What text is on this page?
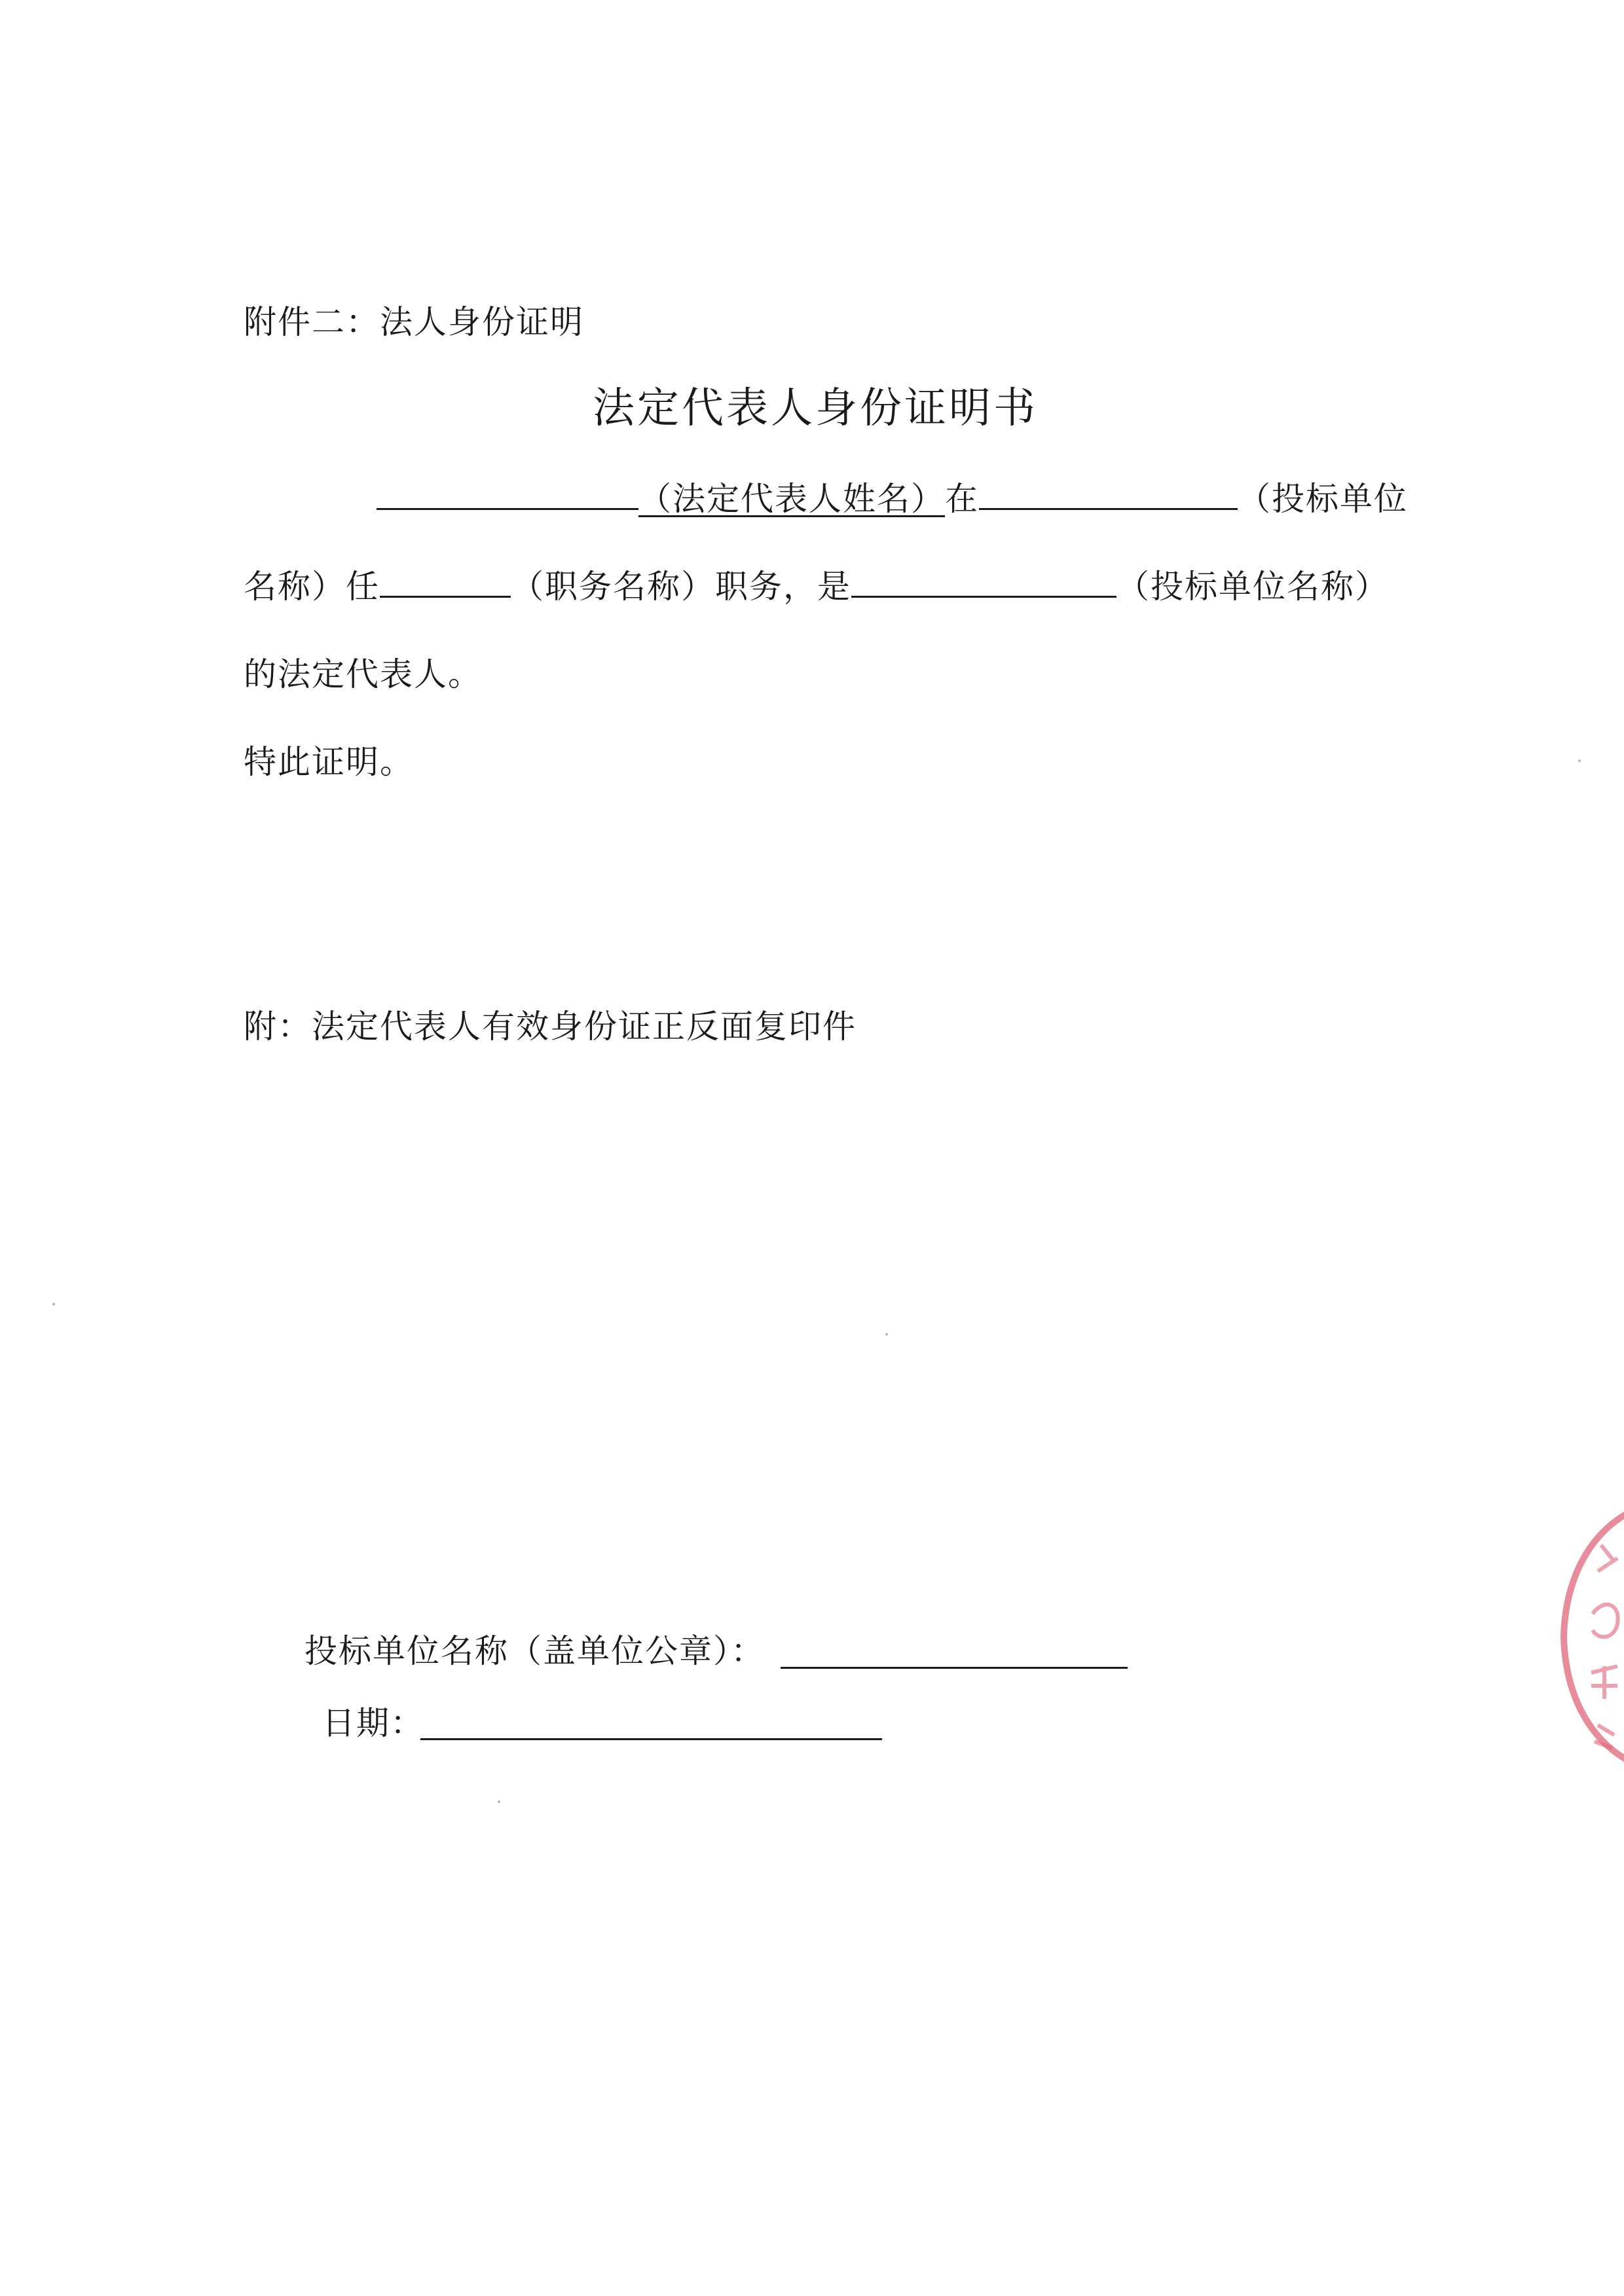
附件二：法人身份证明
法定代表人身份证明书
（法定代表人姓名）在	（投标单位
名称）任	（职务名称）职务，是	（投标单位名称）
的法定代表人。
特此证明。
附：法定代表人有效身份证正反面复印件
投标单位名称（盖单位公章）：
日期：
